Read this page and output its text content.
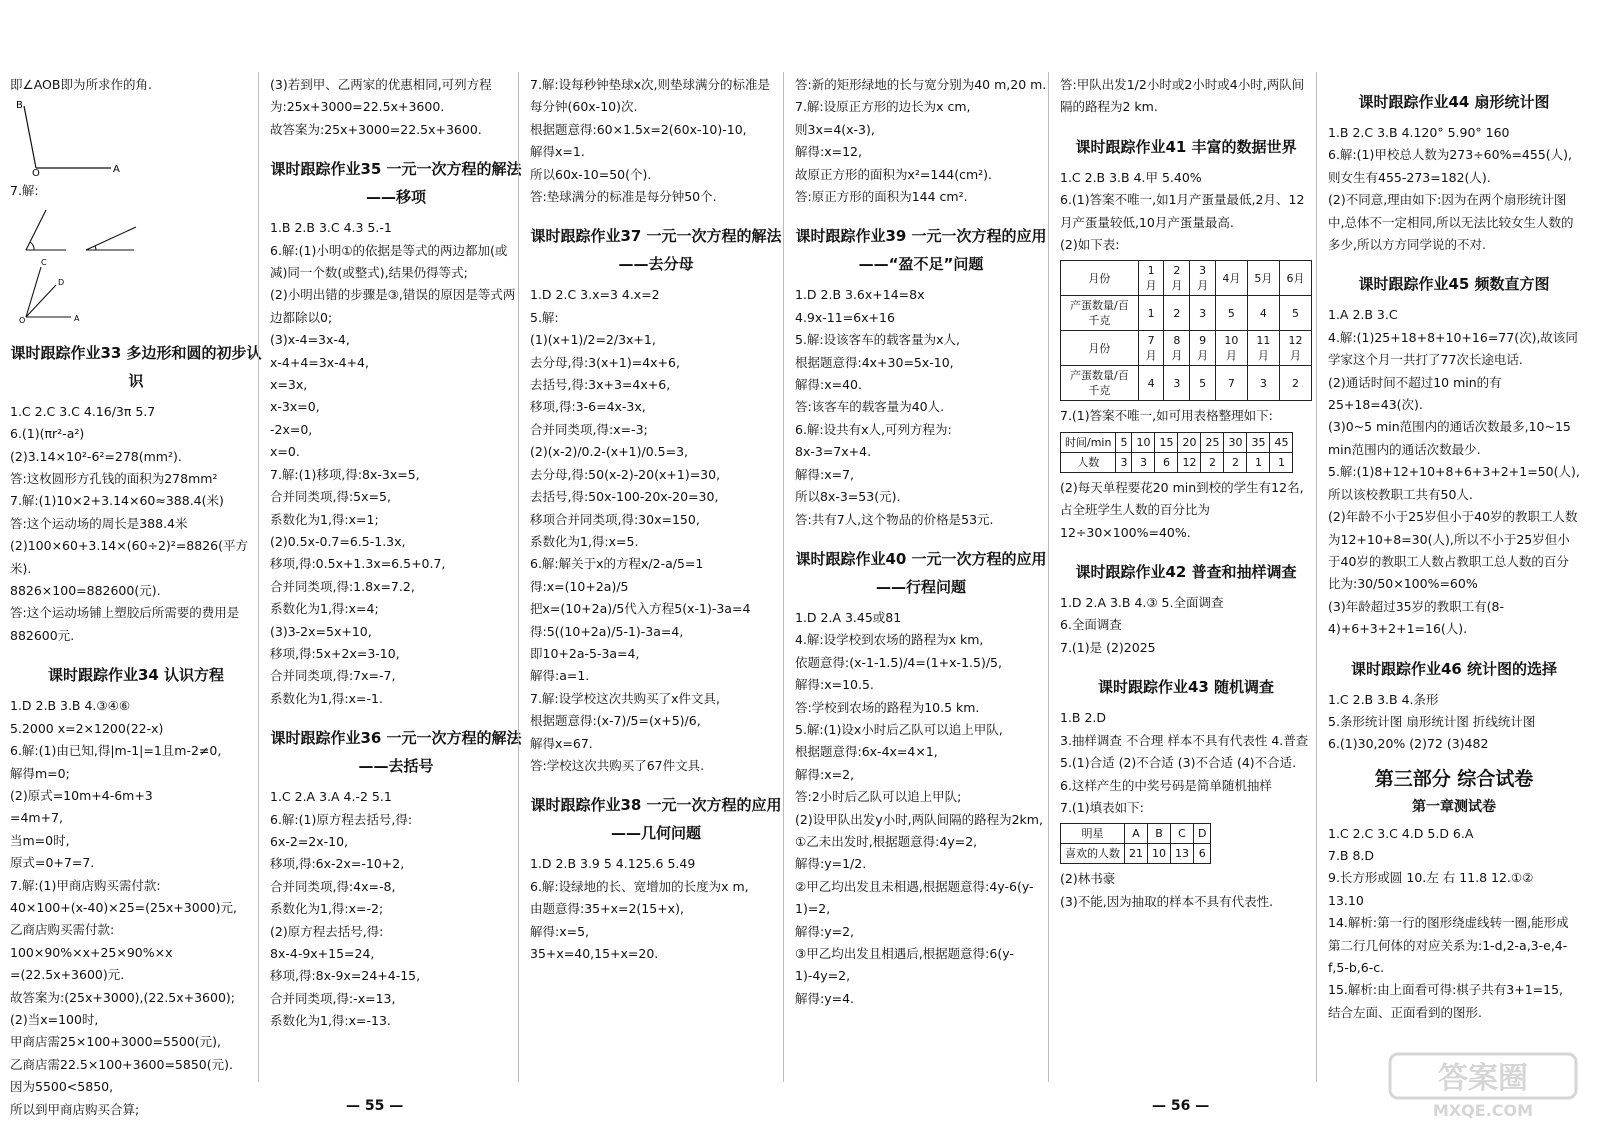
即∠AOB即为所求作的角.

B
O	A

7.解:

O	A
D
C
课时跟踪作业33 多边形和圆的初步认识

1.C 2.C 3.C 4.16/3π 5.7

6.(1)(πr²-a²)

(2)3.14×10²-6²=278(mm²).

答:这枚圆形方孔钱的面积为278mm²

7.解:(1)10×2+3.14×60≈388.4(米)

答:这个运动场的周长是388.4米

(2)100×60+3.14×(60÷2)²=8826(平方米).

8826×100=882600(元).

答:这个运动场铺上塑胶后所需要的费用是882600元.

课时跟踪作业34 认识方程

1.D 2.B 3.B 4.③④⑥

5.2000 x=2×1200(22-x)

6.解:(1)由已知,得|m-1|=1且m-2≠0,

解得m=0;

(2)原式=10m+4-6m+3

=4m+7,

当m=0时,

原式=0+7=7.

7.解:(1)甲商店购买需付款:

40×100+(x-40)×25=(25x+3000)元,

乙商店购买需付款:

100×90%×x+25×90%×x

=(22.5x+3600)元.

故答案为:(25x+3000),(22.5x+3600);

(2)当x=100时,

甲商店需25×100+3000=5500(元),

乙商店需22.5×100+3600=5850(元).

因为5500<5850,

所以到甲商店购买合算;

(3)若到甲、乙两家的优惠相同,可列方程为:25x+3000=22.5x+3600.

故答案为:25x+3000=22.5x+3600.

课时跟踪作业35 一元一次方程的解法——移项

1.B 2.B 3.C 4.3 5.-1

6.解:(1)小明①的依据是等式的两边都加(或减)同一个数(或整式),结果仍得等式;

(2)小明出错的步骤是③,错误的原因是等式两边都除以0;

(3)x-4=3x-4,

x-4+4=3x-4+4,

x=3x,

x-3x=0,

-2x=0,

x=0.

7.解:(1)移项,得:8x-3x=5,

合并同类项,得:5x=5,

系数化为1,得:x=1;

(2)0.5x-0.7=6.5-1.3x,

移项,得:0.5x+1.3x=6.5+0.7,

合并同类项,得:1.8x=7.2,

系数化为1,得:x=4;

(3)3-2x=5x+10,

移项,得:5x+2x=3-10,

合并同类项,得:7x=-7,

系数化为1,得:x=-1.

课时跟踪作业36 一元一次方程的解法——去括号

1.C 2.A 3.A 4.-2 5.1

6.解:(1)原方程去括号,得:

6x-2=2x-10,

移项,得:6x-2x=-10+2,

合并同类项,得:4x=-8,

系数化为1,得:x=-2;

(2)原方程去括号,得:

8x-4-9x+15=24,

移项,得:8x-9x=24+4-15,

合并同类项,得:-x=13,

系数化为1,得:x=-13.

7.解:设每秒钟垫球x次,则垫球满分的标准是每分钟(60x-10)次.

根据题意得:60×1.5x=2(60x-10)-10,

解得x=1.

所以60x-10=50(个).

答:垫球满分的标准是每分钟50个.

课时跟踪作业37 一元一次方程的解法——去分母

1.D 2.C 3.x=3 4.x=2

5.解:

(1)(x+1)/2=2/3x+1,

去分母,得:3(x+1)=4x+6,

去括号,得:3x+3=4x+6,

移项,得:3-6=4x-3x,

合并同类项,得:x=-3;

(2)(x-2)/0.2-(x+1)/0.5=3,

去分母,得:50(x-2)-20(x+1)=30,

去括号,得:50x-100-20x-20=30,

移项合并同类项,得:30x=150,

系数化为1,得:x=5.

6.解:解关于x的方程x/2-a/5=1

得:x=(10+2a)/5

把x=(10+2a)/5代入方程5(x-1)-3a=4

得:5((10+2a)/5-1)-3a=4,

即10+2a-5-3a=4,

解得:a=1.

7.解:设学校这次共购买了x件文具,

根据题意得:(x-7)/5=(x+5)/6,

解得x=67.

答:学校这次共购买了67件文具.

课时跟踪作业38 一元一次方程的应用——几何问题

1.D 2.B 3.9 5 4.125.6 5.49

6.解:设绿地的长、宽增加的长度为x m,

由题意得:35+x=2(15+x),

解得:x=5,

35+x=40,15+x=20.

答:新的矩形绿地的长与宽分别为40 m,20 m.

7.解:设原正方形的边长为x cm,

则3x=4(x-3),

解得:x=12,

故原正方形的面积为x²=144(cm²).

答:原正方形的面积为144 cm².

课时跟踪作业39 一元一次方程的应用——“盈不足”问题

1.D 2.B 3.6x+14=8x

4.9x-11=6x+16

5.解:设该客车的载客量为x人,

根据题意得:4x+30=5x-10,

解得:x=40.

答:该客车的载客量为40人.

6.解:设共有x人,可列方程为:

8x-3=7x+4.

解得:x=7,

所以8x-3=53(元).

答:共有7人,这个物品的价格是53元.

课时跟踪作业40 一元一次方程的应用——行程问题

1.D 2.A 3.45或81

4.解:设学校到农场的路程为x km,

依题意得:(x-1-1.5)/4=(1+x-1.5)/5,

解得:x=10.5.

答:学校到农场的路程为10.5 km.

5.解:(1)设x小时后乙队可以追上甲队,

根据题意得:6x-4x=4×1,

解得:x=2,

答:2小时后乙队可以追上甲队;

(2)设甲队出发y小时,两队间隔的路程为2km,

①乙未出发时,根据题意得:4y=2,

解得:y=1/2.

②甲乙均出发且未相遇,根据题意得:4y-6(y-1)=2,

解得:y=2,

③甲乙均出发且相遇后,根据题意得:6(y-1)-4y=2,

解得:y=4.

答:甲队出发1/2小时或2小时或4小时,两队间隔的路程为2 km.

课时跟踪作业41 丰富的数据世界

1.C 2.B 3.B 4.甲 5.40%

6.(1)答案不唯一,如1月产蛋量最低,2月、12月产蛋量较低,10月产蛋量最高.

(2)如下表:

月份	1月	2月	3月	4月	5月	6月
产蛋数量/百千克	1	2	3	5	4	5
月份	7月	8月	9月	10月	11月	12月
产蛋数量/百千克	4	3	5	7	3	2

7.(1)答案不唯一,如可用表格整理如下:

时间/min	5	10	15	20	25	30	35	45
人数	3	3	6	12	2	2	1	1

(2)每天单程要花20 min到校的学生有12名,占全班学生人数的百分比为12÷30×100%=40%.

课时跟踪作业42 普查和抽样调查

1.D 2.A 3.B 4.③ 5.全面调查

6.全面调查

7.(1)是 (2)2025

课时跟踪作业43 随机调查

1.B 2.D

3.抽样调查 不合理 样本不具有代表性 4.普查 5.(1)合适 (2)不合适 (3)不合适 (4)不合适.

6.这样产生的中奖号码是简单随机抽样

7.(1)填表如下:

明星	A	B	C	D
喜欢的人数	21	10	13	6

(2)林书豪

(3)不能,因为抽取的样本不具有代表性.

课时跟踪作业44 扇形统计图

1.B 2.C 3.B 4.120° 5.90° 160

6.解:(1)甲校总人数为273÷60%=455(人),则女生有455-273=182(人).

(2)不同意,理由如下:因为在两个扇形统计图中,总体不一定相同,所以无法比较女生人数的多少,所以方方同学说的不对.

课时跟踪作业45 频数直方图

1.A 2.B 3.C

4.解:(1)25+18+8+10+16=77(次),故该同学家这个月一共打了77次长途电话.

(2)通话时间不超过10 min的有25+18=43(次).

(3)0~5 min范围内的通话次数最多,10~15 min范围内的通话次数最少.

5.解:(1)8+12+10+8+6+3+2+1=50(人),所以该校教职工共有50人.

(2)年龄不小于25岁但小于40岁的教职工人数为12+10+8=30(人),所以不小于25岁但小于40岁的教职工人数占教职工总人数的百分比为:30/50×100%=60%

(3)年龄超过35岁的教职工有(8-4)+6+3+2+1=16(人).

课时跟踪作业46 统计图的选择

1.C 2.B 3.B 4.条形

5.条形统计图 扇形统计图 折线统计图

6.(1)30,20% (2)72 (3)482

第三部分 综合试卷
第一章测试卷

1.C 2.C 3.C 4.D 5.D 6.A

7.B 8.D

9.长方形或圆 10.左 右 11.8 12.①②

13.10

14.解析:第一行的图形绕虚线转一圈,能形成第二行几何体的对应关系为:1-d,2-a,3-e,4-f,5-b,6-c.

15.解析:由上面看可得:棋子共有3+1=15,

结合左面、正面看到的图形.

— 55 —	— 56 —
答案圈
MXQE.COM
